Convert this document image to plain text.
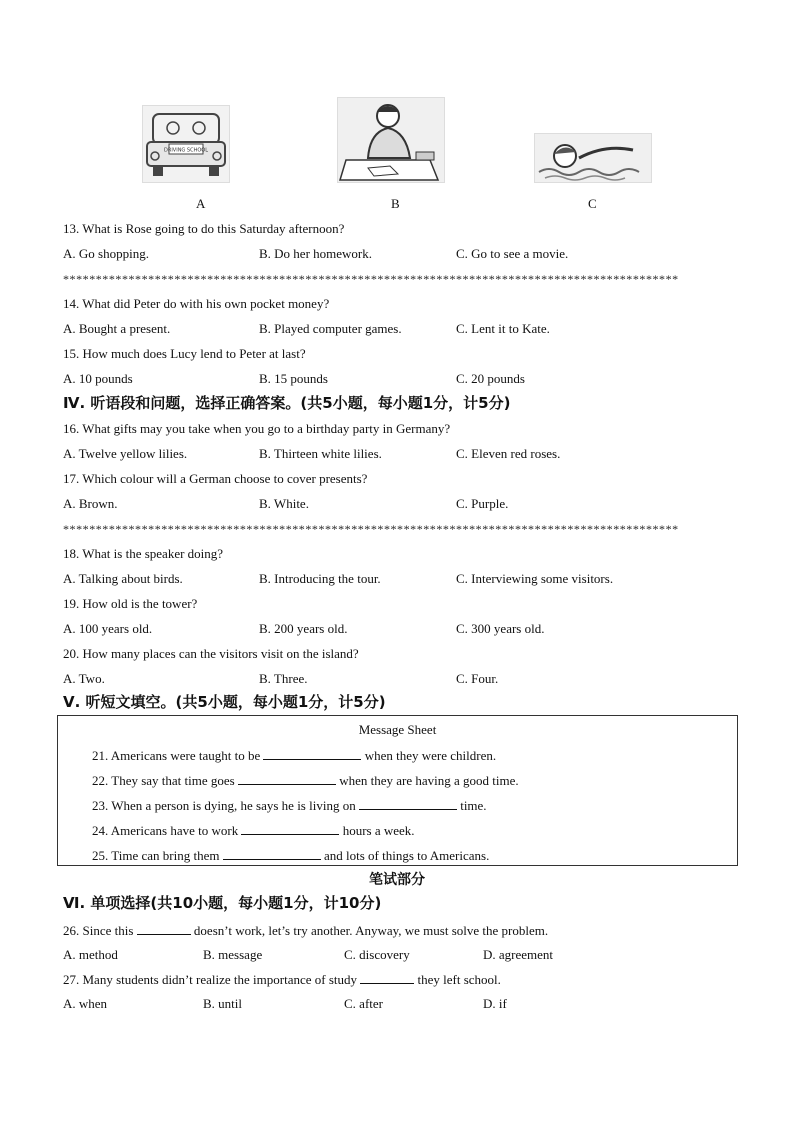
DRIVING SCHOOL
A	B	C
13. What is Rose going to do this Saturday afternoon?
A. Go shopping.	B. Do her homework.	C. Go to see a movie.
**********************************************************************************************
14. What did Peter do with his own pocket money?
A. Bought a present.	B. Played computer games.	C. Lent it to Kate.
15. How much does Lucy lend to Peter at last?
A. 10 pounds	B. 15 pounds	C. 20 pounds
Ⅳ. 听语段和问题，选择正确答案。(共5小题，每小题1分，计5分)
16. What gifts may you take when you go to a birthday party in Germany?
A. Twelve yellow lilies.	B. Thirteen white lilies.	C. Eleven red roses.
17. Which colour will a German choose to cover presents?
A. Brown.	B. White.	C. Purple.
**********************************************************************************************
18. What is the speaker doing?
A. Talking about birds.	B. Introducing the tour.	C. Interviewing some visitors.
19. How old is the tower?
A. 100 years old.	B. 200 years old.	C. 300 years old.
20. How many places can the visitors visit on the island?
A. Two.	B. Three.	C. Four.
Ⅴ. 听短文填空。(共5小题，每小题1分，计5分)
Message Sheet
21. Americans were taught to be	when they were children.
22. They say that time goes	when they are having a good time.
23. When a person is dying, he says he is living on	time.
24. Americans have to work	hours a week.
25. Time can bring them	and lots of things to Americans.
笔试部分
Ⅵ. 单项选择(共10小题，每小题1分，计10分)
26. Since this	doesn’t work, let’s try another. Anyway, we must solve the problem.
A. method	B. message	C. discovery	D. agreement
27. Many students didn’t realize the importance of study	they left school.
A. when	B. until	C. after	D. if
